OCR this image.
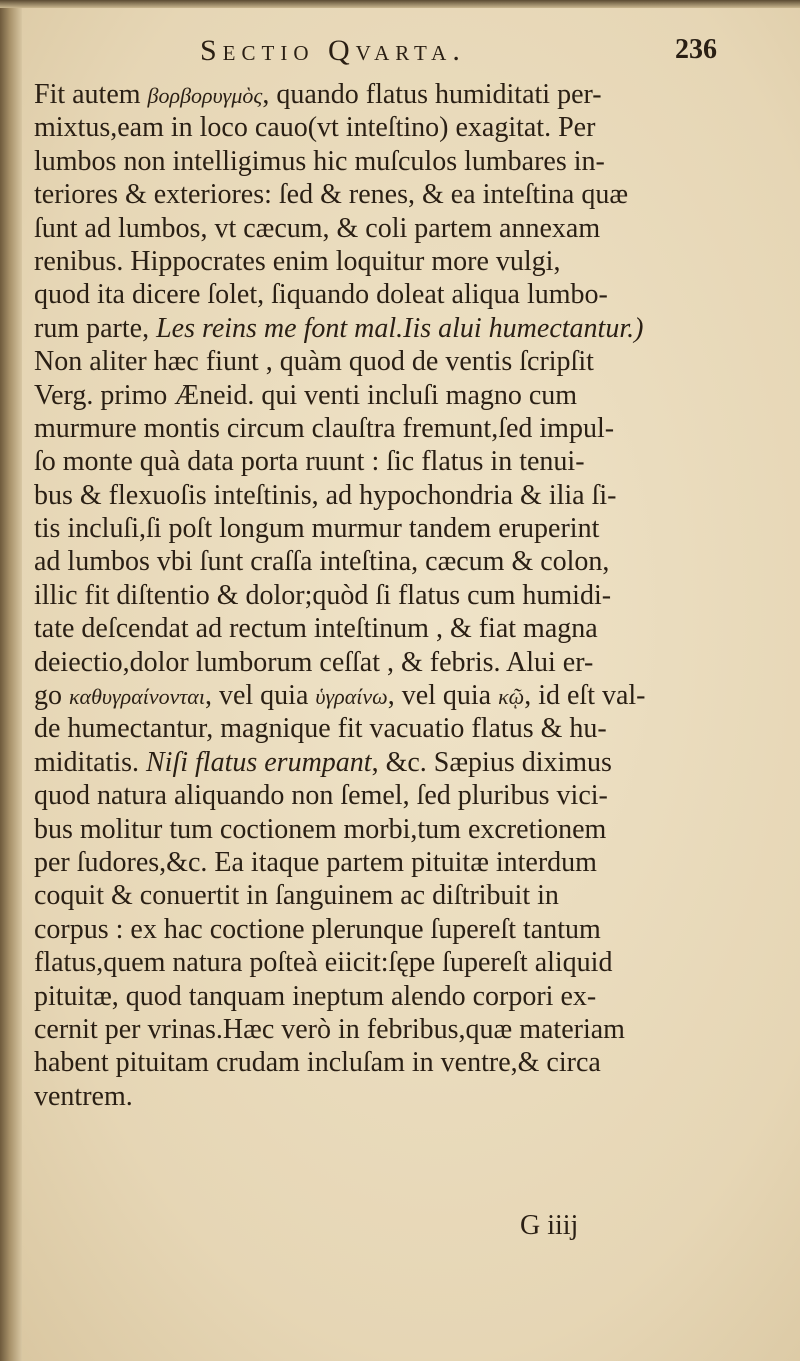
Sectio Qvarta.	236
Fit autem βορβορυγμὸς, quando flatus humiditati per-
mixtus,eam in loco cauo(vt inteſtino) exagitat. Per
lumbos non intelligimus hic muſculos lumbares in-
teriores & exteriores: ſed & renes, & ea inteſtina quæ
ſunt ad lumbos, vt cæcum, & coli partem annexam
renibus. Hippocrates enim loquitur more vulgi,
quod ita dicere ſolet, ſiquando doleat aliqua lumbo-
rum parte, Les reins me font mal.Iis alui humectantur.)
Non aliter hæc fiunt , quàm quod de ventis ſcripſit
Verg. primo Æneid. qui venti incluſi magno cum
murmure montis circum clauſtra fremunt,ſed impul-
ſo monte quà data porta ruunt : ſic flatus in tenui-
bus & flexuoſis inteſtinis, ad hypochondria & ilia ſi-
tis incluſi,ſi poſt longum murmur tandem eruperint
ad lumbos vbi ſunt craſſa inteſtina, cæcum & colon,
illic fit diſtentio & dolor;quòd ſi flatus cum humidi-
tate deſcendat ad rectum inteſtinum , & fiat magna
deiectio,dolor lumborum ceſſat , & febris. Alui er-
go καθυγραίνονται, vel quia ὑγραίνω, vel quia κῷ, id eſt val-
de humectantur, magnique fit vacuatio flatus & hu-
miditatis. Niſi flatus erumpant, &c. Sæpius diximus
quod natura aliquando non ſemel, ſed pluribus vici-
bus molitur tum coctionem morbi,tum excretionem
per ſudores,&c. Ea itaque partem pituitæ interdum
coquit & conuertit in ſanguinem ac diſtribuit in
corpus : ex hac coctione plerunque ſupereſt tantum
flatus,quem natura poſteà eiicit:ſępe ſupereſt aliquid
pituitæ, quod tanquam ineptum alendo corpori ex-
cernit per vrinas.Hæc verò in febribus,quæ materiam
habent pituitam crudam incluſam in ventre,& circa
ventrem.
G iiij
